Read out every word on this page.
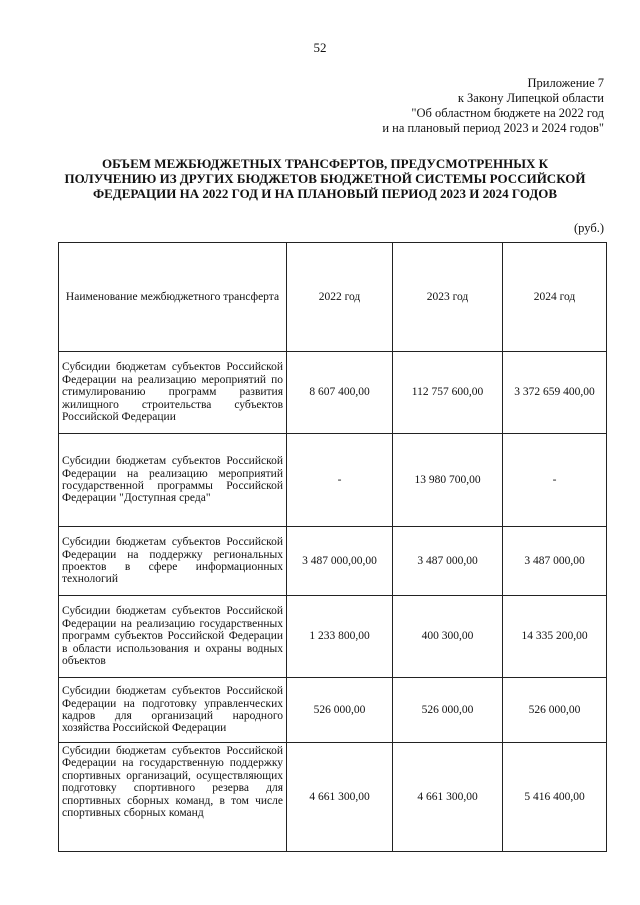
52
Приложение 7
к Закону Липецкой области
"Об областном бюджете на 2022 год
и на плановый период 2023 и 2024 годов"
ОБЪЕМ МЕЖБЮДЖЕТНЫХ ТРАНСФЕРТОВ, ПРЕДУСМОТРЕННЫХ К ПОЛУЧЕНИЮ ИЗ ДРУГИХ БЮДЖЕТОВ БЮДЖЕТНОЙ СИСТЕМЫ РОССИЙСКОЙ ФЕДЕРАЦИИ НА 2022 ГОД И НА ПЛАНОВЫЙ ПЕРИОД 2023 И 2024 ГОДОВ
(руб.)
Наименование межбюджетного трансферта	2022 год	2023 год	2024 год
Субсидии бюджетам субъектов Российской Федерации на реализацию мероприятий по стимулированию программ развития жилищного строительства субъектов Российской Федерации	8 607 400,00	112 757 600,00	3 372 659 400,00
Субсидии бюджетам субъектов Российской Федерации на реализацию мероприятий государственной программы Российской Федерации "Доступная среда"	-	13 980 700,00	-
Субсидии бюджетам субъектов Российской Федерации на поддержку региональных проектов в сфере информационных технологий	3 487 000,00,00	3 487 000,00	3 487 000,00
Субсидии бюджетам субъектов Российской Федерации на реализацию государственных программ субъектов Российской Федерации в области использования и охраны водных объектов	1 233 800,00	400 300,00	14 335 200,00
Субсидии бюджетам субъектов Российской Федерации на подготовку управленческих кадров для организаций народного хозяйства Российской Федерации	526 000,00	526 000,00	526 000,00
Субсидии бюджетам субъектов Российской Федерации на государственную поддержку спортивных организаций, осуществляющих подготовку спортивного резерва для спортивных сборных команд, в том числе спортивных сборных команд	4 661 300,00	4 661 300,00	5 416 400,00
